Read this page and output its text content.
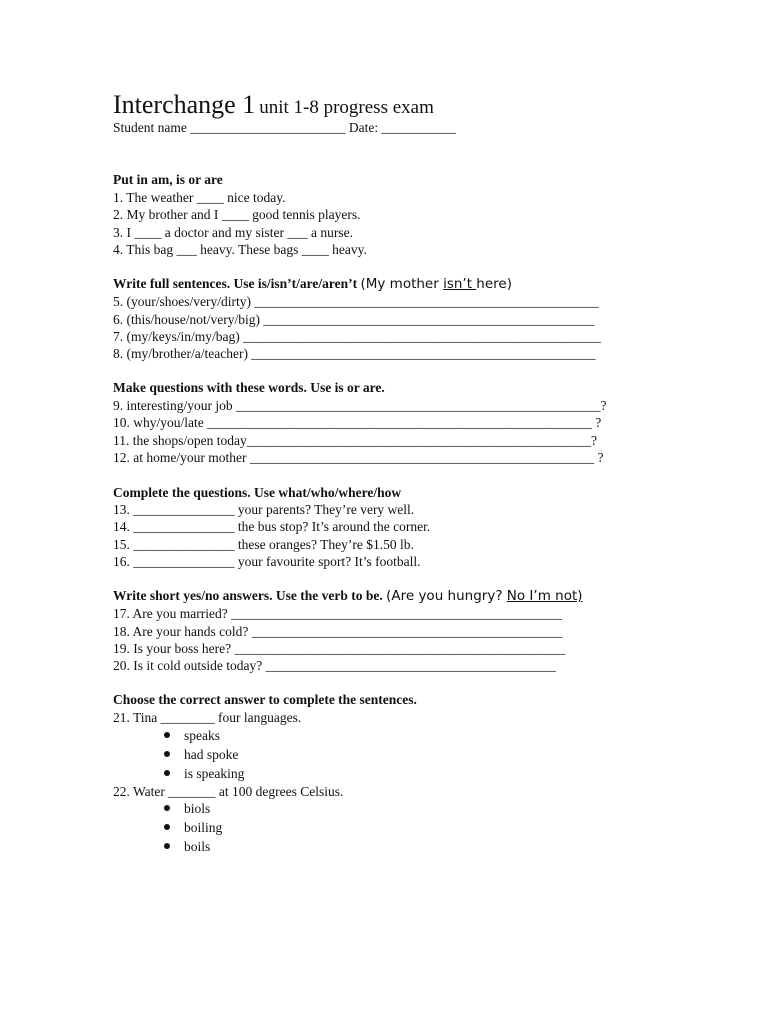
Interchange 1 unit 1-8 progress exam
Student name _______________________ Date: ___________
Put in am, is or are
1. The weather ____ nice today.
2. My brother and I ____ good tennis players.
3. I ____ a doctor and my sister ___ a nurse.
4. This bag ___ heavy. These bags ____ heavy.
Write full sentences. Use is/isn’t/are/aren’t (My mother isn’t here)
5. (your/shoes/very/dirty) ___________________________________________________
6. (this/house/not/very/big) _________________________________________________
7. (my/keys/in/my/bag) _____________________________________________________
8. (my/brother/a/teacher) ___________________________________________________
Make questions with these words. Use is or are.
9. interesting/your job ______________________________________________________?
10. why/you/late _________________________________________________________ ?
11. the shops/open today___________________________________________________?
12. at home/your mother ___________________________________________________ ?
Complete the questions. Use what/who/where/how
13. _______________ your parents? They’re very well.
14. _______________ the bus stop? It’s around the corner.
15. _______________ these oranges? They’re $1.50 lb.
16. _______________ your favourite sport? It’s football.
Write short yes/no answers. Use the verb to be. (Are you hungry? No I’m not)
17. Are you married? _________________________________________________
18. Are your hands cold? ______________________________________________
19. Is your boss here? _________________________________________________
20. Is it cold outside today? ___________________________________________
Choose the correct answer to complete the sentences.
21. Tina ________ four languages.
speaks
had spoke
is speaking
22. Water _______ at 100 degrees Celsius.
biols
boiling
boils
